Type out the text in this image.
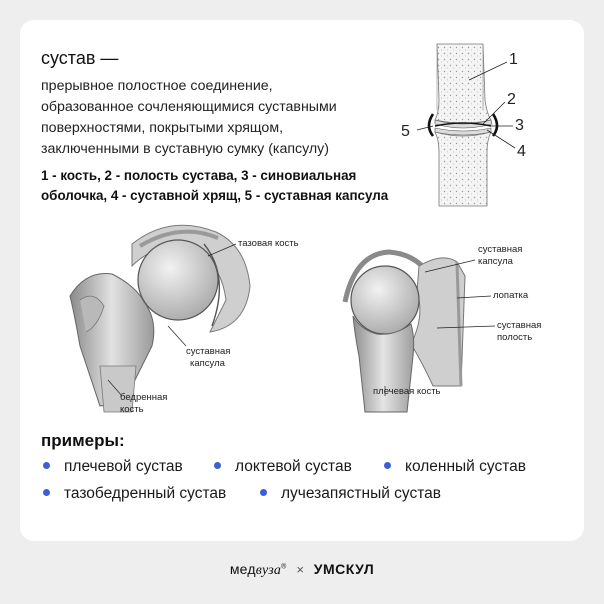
сустав —
прерывное полостное соединение,
образованное сочленяющимися суставными
поверхностями, покрытыми хрящом,
заключенными в суставную сумку (капсулу)
1 - кость, 2 - полость сустава, 3 - синовиальная
оболочка, 4 - суставной хрящ, 5 - суставная капсула
1
2
3
4
5
тазовая кость
суставная
капсула
бедренная
кость
суставная
капсула
лопатка
суставная
полость
плечевая кость
примеры:
плечевой сустав	локтевой сустав	коленный сустав
тазобедренный сустав	лучезапястный сустав
медвуза® × УМСКУЛ
